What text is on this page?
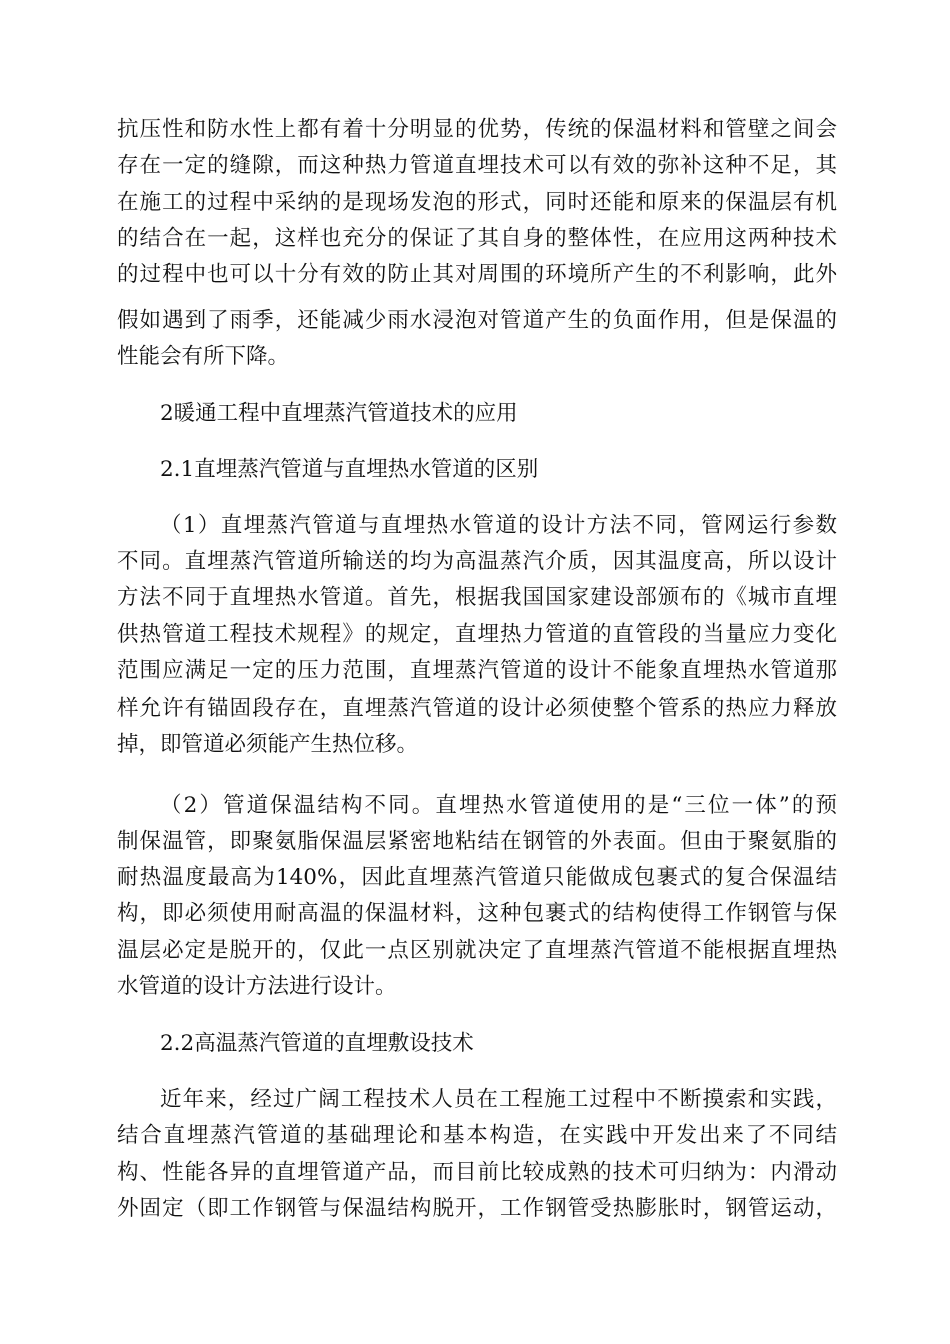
抗压性和防水性上都有着十分明显的优势，传统的保温材料和管壁之间会
存在一定的缝隙，而这种热力管道直埋技术可以有效的弥补这种不足，其
在施工的过程中采纳的是现场发泡的形式，同时还能和原来的保温层有机
的结合在一起，这样也充分的保证了其自身的整体性，在应用这两种技术
的过程中也可以十分有效的防止其对周围的环境所产生的不利影响，此外
假如遇到了雨季，还能减少雨水浸泡对管道产生的负面作用，但是保温的
性能会有所下降。
2暖通工程中直埋蒸汽管道技术的应用
2.1直埋蒸汽管道与直埋热水管道的区别
（1）直埋蒸汽管道与直埋热水管道的设计方法不同，管网运行参数
不同。直埋蒸汽管道所输送的均为高温蒸汽介质，因其温度高，所以设计
方法不同于直埋热水管道。首先，根据我国国家建设部颁布的《城市直埋
供热管道工程技术规程》的规定，直埋热力管道的直管段的当量应力变化
范围应满足一定的压力范围，直埋蒸汽管道的设计不能象直埋热水管道那
样允许有锚固段存在，直埋蒸汽管道的设计必须使整个管系的热应力释放
掉，即管道必须能产生热位移。
（2）管道保温结构不同。直埋热水管道使用的是“三位一体”的预
制保温管，即聚氨脂保温层紧密地粘结在钢管的外表面。但由于聚氨脂的
耐热温度最高为140%，因此直埋蒸汽管道只能做成包裹式的复合保温结
构，即必须使用耐高温的保温材料，这种包裹式的结构使得工作钢管与保
温层必定是脱开的，仅此一点区别就决定了直埋蒸汽管道不能根据直埋热
水管道的设计方法进行设计。
2.2高温蒸汽管道的直埋敷设技术
近年来，经过广阔工程技术人员在工程施工过程中不断摸索和实践，
结合直埋蒸汽管道的基础理论和基本构造，在实践中开发出来了不同结
构、性能各异的直埋管道产品，而目前比较成熟的技术可归纳为：内滑动
外固定（即工作钢管与保温结构脱开，工作钢管受热膨胀时，钢管运动，
